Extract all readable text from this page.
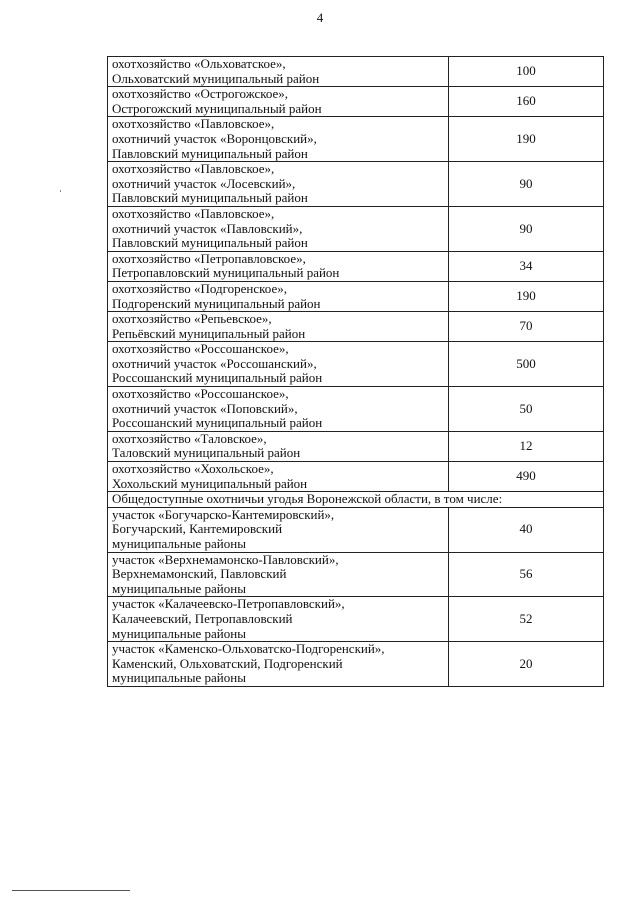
4
охотхозяйство «Ольховатское»,
Ольховатский муниципальный район	100

охотхозяйство «Острогожское»,
Острогожский муниципальный район	160

охотхозяйство «Павловское»,
охотничий участок «Воронцовский»,
Павловский муниципальный район	190

охотхозяйство «Павловское»,
охотничий участок «Лосевский»,
Павловский муниципальный район	90

охотхозяйство «Павловское»,
охотничий участок «Павловский»,
Павловский муниципальный район	90

охотхозяйство «Петропавловское»,
Петропавловский муниципальный район	34

охотхозяйство «Подгоренское»,
Подгоренский муниципальный район	190

охотхозяйство «Репьевское»,
Репьёвский муниципальный район	70

охотхозяйство «Россошанское»,
охотничий участок «Россошанский»,
Россошанский муниципальный район	500

охотхозяйство «Россошанское»,
охотничий участок «Поповский»,
Россошанский муниципальный район	50

охотхозяйство «Таловское»,
Таловский муниципальный район	12

охотхозяйство «Хохольское»,
Хохольский муниципальный район	490
Общедоступные охотничьи угодья Воронежской области, в том числе:	

участок «Богучарско-Кантемировский»,
Богучарский, Кантемировский
муниципальные районы	40

участок «Верхнемамонско-Павловский»,
Верхнемамонский, Павловский
муниципальные районы	56

участок «Калачеевско-Петропавловский»,
Калачеевский, Петропавловский
муниципальные районы	52

участок «Каменско-Ольховатско-Подгоренский»,
Каменский, Ольховатский, Подгоренский
муниципальные районы	20
